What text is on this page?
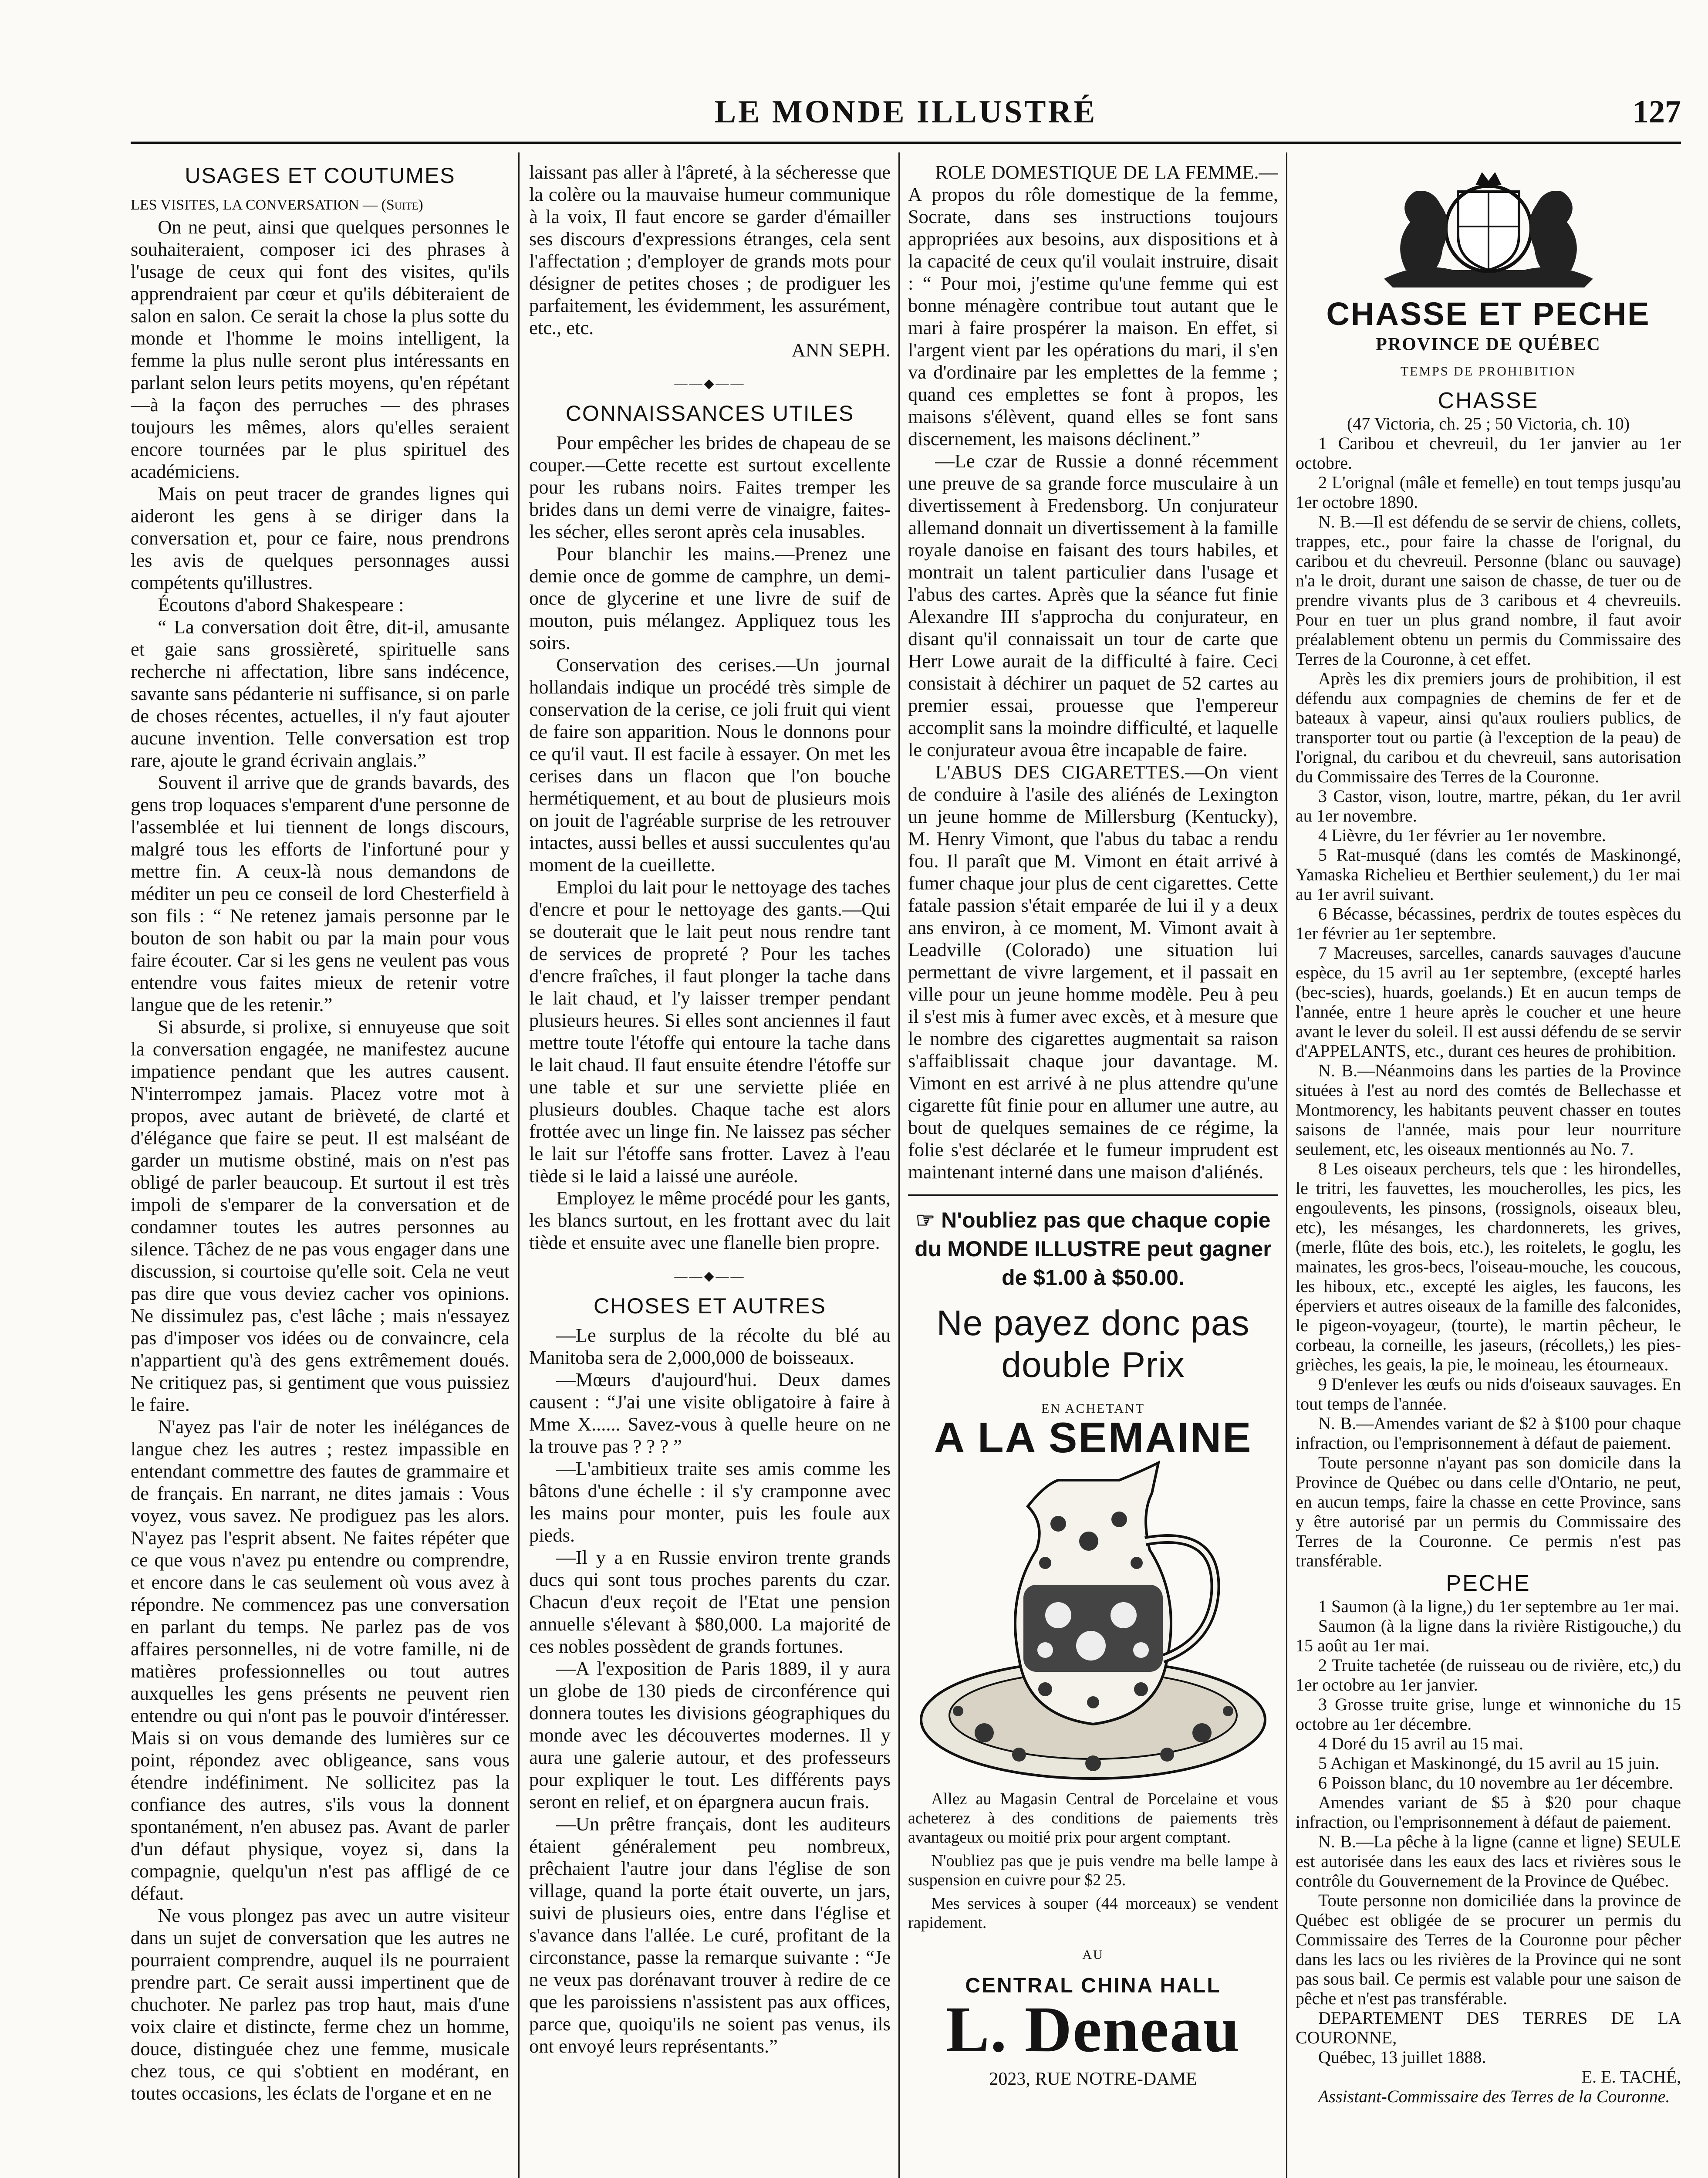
LE MONDE ILLUSTRÉ	127
USAGES ET COUTUMES

LES VISITES, LA CONVERSATION — (Suite)

On ne peut, ainsi que quelques personnes le souhaiteraient, composer ici des phrases à l'usage de ceux qui font des visites, qu'ils apprendraient par cœur et qu'ils débiteraient de salon en salon. Ce serait la chose la plus sotte du monde et l'homme le moins intelligent, la femme la plus nulle seront plus intéressants en parlant selon leurs petits moyens, qu'en répétant—à la façon des perruches — des phrases toujours les mêmes, alors qu'elles seraient encore tournées par le plus spirituel des académiciens.

Mais on peut tracer de grandes lignes qui aideront les gens à se diriger dans la conversation et, pour ce faire, nous prendrons les avis de quelques personnages aussi compétents qu'illustres.

Écoutons d'abord Shakespeare :

“ La conversation doit être, dit-il, amusante et gaie sans grossièreté, spirituelle sans recherche ni affectation, libre sans indécence, savante sans pédanterie ni suffisance, si on parle de choses récentes, actuelles, il n'y faut ajouter aucune invention. Telle conversation est trop rare, ajoute le grand écrivain anglais.”

Souvent il arrive que de grands bavards, des gens trop loquaces s'emparent d'une personne de l'assemblée et lui tiennent de longs discours, malgré tous les efforts de l'infortuné pour y mettre fin. A ceux-là nous demandons de méditer un peu ce conseil de lord Chesterfield à son fils : “ Ne retenez jamais personne par le bouton de son habit ou par la main pour vous faire écouter. Car si les gens ne veulent pas vous entendre vous faites mieux de retenir votre langue que de les retenir.”

Si absurde, si prolixe, si ennuyeuse que soit la conversation engagée, ne manifestez aucune impatience pendant que les autres causent. N'interrompez jamais. Placez votre mot à propos, avec autant de brièveté, de clarté et d'élégance que faire se peut. Il est malséant de garder un mutisme obstiné, mais on n'est pas obligé de parler beaucoup. Et surtout il est très impoli de s'emparer de la conversation et de condamner toutes les autres personnes au silence. Tâchez de ne pas vous engager dans une discussion, si courtoise qu'elle soit. Cela ne veut pas dire que vous deviez cacher vos opinions. Ne dissimulez pas, c'est lâche ; mais n'essayez pas d'imposer vos idées ou de convaincre, cela n'appartient qu'à des gens extrêmement doués. Ne critiquez pas, si gentiment que vous puissiez le faire.

N'ayez pas l'air de noter les inélégances de langue chez les autres ; restez impassible en entendant commettre des fautes de grammaire et de français. En narrant, ne dites jamais : Vous voyez, vous savez. Ne prodiguez pas les alors. N'ayez pas l'esprit absent. Ne faites répéter que ce que vous n'avez pu entendre ou comprendre, et encore dans le cas seulement où vous avez à répondre. Ne commencez pas une conversation en parlant du temps. Ne parlez pas de vos affaires personnelles, ni de votre famille, ni de matières professionnelles ou tout autres auxquelles les gens présents ne peuvent rien entendre ou qui n'ont pas le pouvoir d'intéresser. Mais si on vous demande des lumières sur ce point, répondez avec obligeance, sans vous étendre indéfiniment. Ne sollicitez pas la confiance des autres, s'ils vous la donnent spontanément, n'en abusez pas. Avant de parler d'un défaut physique, voyez si, dans la compagnie, quelqu'un n'est pas affligé de ce défaut.

Ne vous plongez pas avec un autre visiteur dans un sujet de conversation que les autres ne pourraient comprendre, auquel ils ne pourraient prendre part. Ce serait aussi impertinent que de chuchoter. Ne parlez pas trop haut, mais d'une voix claire et distincte, ferme chez un homme, douce, distinguée chez une femme, musicale chez tous, ce qui s'obtient en modérant, en toutes occasions, les éclats de l'organe et en ne

laissant pas aller à l'âpreté, à la sécheresse que la colère ou la mauvaise humeur communique à la voix, Il faut encore se garder d'émailler ses discours d'expressions étranges, cela sent l'affectation ; d'employer de grands mots pour désigner de petites choses ; de prodiguer les parfaitement, les évidemment, les assurément, etc., etc.

ANN SEPH.

——◆——
CONNAISSANCES UTILES

Pour empêcher les brides de chapeau de se couper.—Cette recette est surtout excellente pour les rubans noirs. Faites tremper les brides dans un demi verre de vinaigre, faites-les sécher, elles seront après cela inusables.

Pour blanchir les mains.—Prenez une demie once de gomme de camphre, un demi-once de glycerine et une livre de suif de mouton, puis mélangez. Appliquez tous les soirs.

Conservation des cerises.—Un journal hollandais indique un procédé très simple de conservation de la cerise, ce joli fruit qui vient de faire son apparition. Nous le donnons pour ce qu'il vaut. Il est facile à essayer. On met les cerises dans un flacon que l'on bouche hermétiquement, et au bout de plusieurs mois on jouit de l'agréable surprise de les retrouver intactes, aussi belles et aussi succulentes qu'au moment de la cueillette.

Emploi du lait pour le nettoyage des taches d'encre et pour le nettoyage des gants.—Qui se douterait que le lait peut nous rendre tant de services de propreté ? Pour les taches d'encre fraîches, il faut plonger la tache dans le lait chaud, et l'y laisser tremper pendant plusieurs heures. Si elles sont anciennes il faut mettre toute l'étoffe qui entoure la tache dans le lait chaud. Il faut ensuite étendre l'étoffe sur une table et sur une serviette pliée en plusieurs doubles. Chaque tache est alors frottée avec un linge fin. Ne laissez pas sécher le lait sur l'étoffe sans frotter. Lavez à l'eau tiède si le laid a laissé une auréole.

Employez le même procédé pour les gants, les blancs surtout, en les frottant avec du lait tiède et ensuite avec une flanelle bien propre.

——◆——
CHOSES ET AUTRES

—Le surplus de la récolte du blé au Manitoba sera de 2,000,000 de boisseaux.

—Mœurs d'aujourd'hui. Deux dames causent : “J'ai une visite obligatoire à faire à Mme X...... Savez-vous à quelle heure on ne la trouve pas ? ? ? ”

—L'ambitieux traite ses amis comme les bâtons d'une échelle : il s'y cramponne avec les mains pour monter, puis les foule aux pieds.

—Il y a en Russie environ trente grands ducs qui sont tous proches parents du czar. Chacun d'eux reçoit de l'Etat une pension annuelle s'élevant à $80,000. La majorité de ces nobles possèdent de grands fortunes.

—A l'exposition de Paris 1889, il y aura un globe de 130 pieds de circonférence qui donnera toutes les divisions géographiques du monde avec les découvertes modernes. Il y aura une galerie autour, et des professeurs pour expliquer le tout. Les différents pays seront en relief, et on épargnera aucun frais.

—Un prêtre français, dont les auditeurs étaient généralement peu nombreux, prêchaient l'autre jour dans l'église de son village, quand la porte était ouverte, un jars, suivi de plusieurs oies, entre dans l'église et s'avance dans l'allée. Le curé, profitant de la circonstance, passe la remarque suivante : “Je ne veux pas dorénavant trouver à redire de ce que les paroissiens n'assistent pas aux offices, parce que, quoiqu'ils ne soient pas venus, ils ont envoyé leurs représentants.”

ROLE DOMESTIQUE DE LA FEMME.—A propos du rôle domestique de la femme, Socrate, dans ses instructions toujours appropriées aux besoins, aux dispositions et à la capacité de ceux qu'il voulait instruire, disait : “ Pour moi, j'estime qu'une femme qui est bonne ménagère contribue tout autant que le mari à faire prospérer la maison. En effet, si l'argent vient par les opérations du mari, il s'en va d'ordinaire par les emplettes de la femme ; quand ces emplettes se font à propos, les maisons s'élèvent, quand elles se font sans discernement, les maisons déclinent.”

—Le czar de Russie a donné récemment une preuve de sa grande force musculaire à un divertissement à Fredensborg. Un conjurateur allemand donnait un divertissement à la famille royale danoise en faisant des tours habiles, et montrait un talent particulier dans l'usage et l'abus des cartes. Après que la séance fut finie Alexandre III s'approcha du conjurateur, en disant qu'il connaissait un tour de carte que Herr Lowe aurait de la difficulté à faire. Ceci consistait à déchirer un paquet de 52 cartes au premier essai, prouesse que l'empereur accomplit sans la moindre difficulté, et laquelle le conjurateur avoua être incapable de faire.

L'ABUS DES CIGARETTES.—On vient de conduire à l'asile des aliénés de Lexington un jeune homme de Millersburg (Kentucky), M. Henry Vimont, que l'abus du tabac a rendu fou. Il paraît que M. Vimont en était arrivé à fumer chaque jour plus de cent cigarettes. Cette fatale passion s'était emparée de lui il y a deux ans environ, à ce moment, M. Vimont avait à Leadville (Colorado) une situation lui permettant de vivre largement, et il passait en ville pour un jeune homme modèle. Peu à peu il s'est mis à fumer avec excès, et à mesure que le nombre des cigarettes augmentait sa raison s'affaiblissait chaque jour davantage. M. Vimont en est arrivé à ne plus attendre qu'une cigarette fût finie pour en allumer une autre, au bout de quelques semaines de ce régime, la folie s'est déclarée et le fumeur imprudent est maintenant interné dans une maison d'aliénés.

☞ N'oubliez pas que chaque copie du MONDE ILLUSTRE peut gagner de $1.00 à $50.00.
Ne payez donc pas double Prix
EN ACHETANT
A LA SEMAINE

Allez au Magasin Central de Porcelaine et vous acheterez à des conditions de paiements très avantageux ou moitié prix pour argent comptant.

N'oubliez pas que je puis vendre ma belle lampe à suspension en cuivre pour $2 25.

Mes services à souper (44 morceaux) se vendent rapidement.

AU
CENTRAL CHINA HALL
L. Deneau
2023, RUE NOTRE-DAME
CHASSE ET PECHE
PROVINCE DE QUÉBEC
TEMPS DE PROHIBITION
CHASSE

(47 Victoria, ch. 25 ; 50 Victoria, ch. 10)

1 Caribou et chevreuil, du 1er janvier au 1er octobre.

2 L'orignal (mâle et femelle) en tout temps jusqu'au 1er octobre 1890.

N. B.—Il est défendu de se servir de chiens, collets, trappes, etc., pour faire la chasse de l'orignal, du caribou et du chevreuil. Personne (blanc ou sauvage) n'a le droit, durant une saison de chasse, de tuer ou de prendre vivants plus de 3 caribous et 4 chevreuils. Pour en tuer un plus grand nombre, il faut avoir préalablement obtenu un permis du Commissaire des Terres de la Couronne, à cet effet.

Après les dix premiers jours de prohibition, il est défendu aux compagnies de chemins de fer et de bateaux à vapeur, ainsi qu'aux rouliers publics, de transporter tout ou partie (à l'exception de la peau) de l'orignal, du caribou et du chevreuil, sans autorisation du Commissaire des Terres de la Couronne.

3 Castor, vison, loutre, martre, pékan, du 1er avril au 1er novembre.

4 Lièvre, du 1er février au 1er novembre.

5 Rat-musqué (dans les comtés de Maskinongé, Yamaska Richelieu et Berthier seulement,) du 1er mai au 1er avril suivant.

6 Bécasse, bécassines, perdrix de toutes espèces du 1er février au 1er septembre.

7 Macreuses, sarcelles, canards sauvages d'aucune espèce, du 15 avril au 1er septembre, (excepté harles (bec-scies), huards, goelands.) Et en aucun temps de l'année, entre 1 heure après le coucher et une heure avant le lever du soleil. Il est aussi défendu de se servir d'APPELANTS, etc., durant ces heures de prohibition.

N. B.—Néanmoins dans les parties de la Province situées à l'est au nord des comtés de Bellechasse et Montmorency, les habitants peuvent chasser en toutes saisons de l'année, mais pour leur nourriture seulement, etc, les oiseaux mentionnés au No. 7.

8 Les oiseaux percheurs, tels que : les hirondelles, le tritri, les fauvettes, les moucherolles, les pics, les engoulevents, les pinsons, (rossignols, oiseaux bleu, etc), les mésanges, les chardonnerets, les grives, (merle, flûte des bois, etc.), les roitelets, le goglu, les mainates, les gros-becs, l'oiseau-mouche, les coucous, les hiboux, etc., excepté les aigles, les faucons, les éperviers et autres oiseaux de la famille des falconides, le pigeon-voyageur, (tourte), le martin pêcheur, le corbeau, la corneille, les jaseurs, (récollets,) les pies-grièches, les geais, la pie, le moineau, les étourneaux.

9 D'enlever les œufs ou nids d'oiseaux sauvages. En tout temps de l'année.

N. B.—Amendes variant de $2 à $100 pour chaque infraction, ou l'emprisonnement à défaut de paiement.

Toute personne n'ayant pas son domicile dans la Province de Québec ou dans celle d'Ontario, ne peut, en aucun temps, faire la chasse en cette Province, sans y être autorisé par un permis du Commissaire des Terres de la Couronne. Ce permis n'est pas transférable.

PECHE

1 Saumon (à la ligne,) du 1er septembre au 1er mai.

Saumon (à la ligne dans la rivière Ristigouche,) du 15 août au 1er mai.

2 Truite tachetée (de ruisseau ou de rivière, etc,) du 1er octobre au 1er janvier.

3 Grosse truite grise, lunge et winnoniche du 15 octobre au 1er décembre.

4 Doré du 15 avril au 15 mai.

5 Achigan et Maskinongé, du 15 avril au 15 juin.

6 Poisson blanc, du 10 novembre au 1er décembre.

Amendes variant de $5 à $20 pour chaque infraction, ou l'emprisonnement à défaut de paiement.

N. B.—La pêche à la ligne (canne et ligne) SEULE est autorisée dans les eaux des lacs et rivières sous le contrôle du Gouvernement de la Province de Québec.

Toute personne non domiciliée dans la province de Québec est obligée de se procurer un permis du Commissaire des Terres de la Couronne pour pêcher dans les lacs ou les rivières de la Province qui ne sont pas sous bail. Ce permis est valable pour une saison de pêche et n'est pas transférable.

DEPARTEMENT DES TERRES DE LA COURONNE,

Québec, 13 juillet 1888.

E. E. TACHÉ,

Assistant-Commissaire des Terres de la Couronne.
